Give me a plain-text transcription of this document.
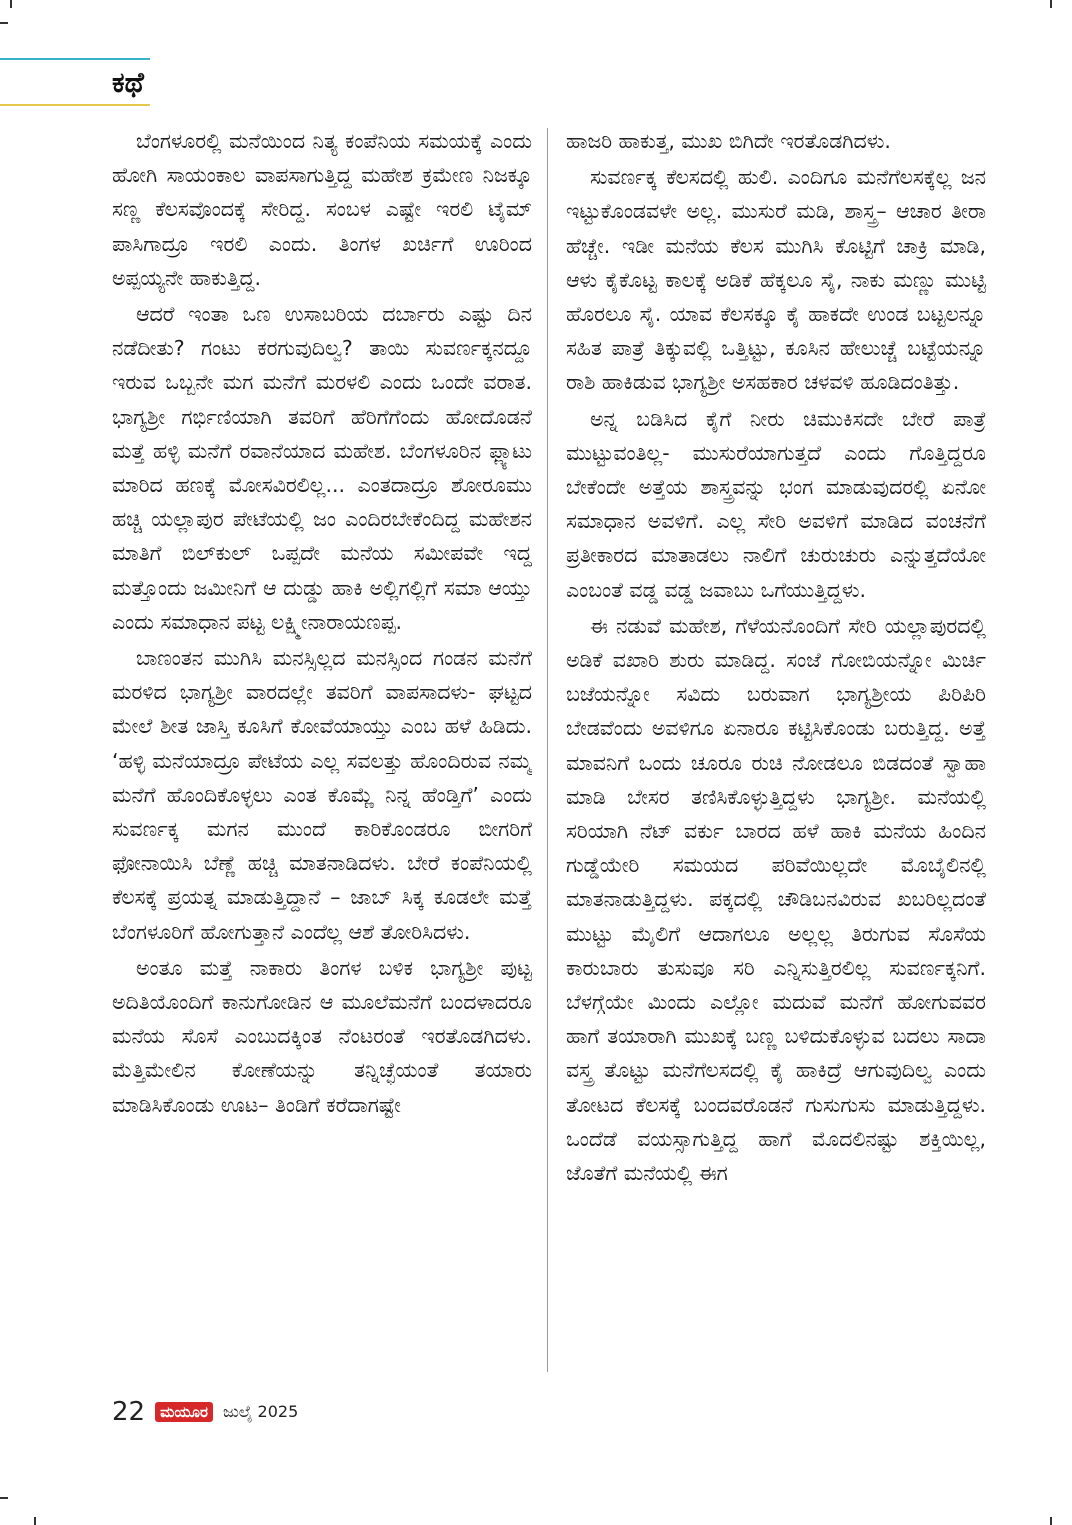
ಕಥೆ

ಬೆಂಗಳೂರಲ್ಲಿ ಮನೆಯಿಂದ ನಿತ್ಯ ಕಂಪೆನಿಯ ಸಮಯಕ್ಕೆ ಎಂದು ಹೋಗಿ ಸಾಯಂಕಾಲ ವಾಪಸಾಗುತ್ತಿದ್ದ ಮಹೇಶ ಕ್ರಮೇಣ ನಿಜಕ್ಕೂ ಸಣ್ಣ ಕೆಲಸವೊಂದಕ್ಕೆ ಸೇರಿದ್ದ. ಸಂಬಳ ಎಷ್ಟೇ ಇರಲಿ ಟೈಮ್ ಪಾಸಿಗಾದ್ರೂ ಇರಲಿ ಎಂದು. ತಿಂಗಳ ಖರ್ಚಿಗೆ ಊರಿಂದ ಅಪ್ಪಯ್ಯನೇ ಹಾಕುತ್ತಿದ್ದ.

ಆದರೆ ಇಂತಾ ಒಣ ಉಸಾಬರಿಯ ದರ್ಬಾರು ಎಷ್ಟು ದಿನ ನಡೆದೀತು? ಗಂಟು ಕರಗುವುದಿಲ್ವ? ತಾಯಿ ಸುವರ್ಣಕ್ಕನದ್ದೂ ಇರುವ ಒಬ್ಬನೇ ಮಗ ಮನೆಗೆ ಮರಳಲಿ ಎಂದು ಒಂದೇ ವರಾತ. ಭಾಗ್ಯಶ್ರೀ ಗರ್ಭಿಣಿಯಾಗಿ ತವರಿಗೆ ಹೆರಿಗೆಗೆಂದು ಹೋದೊಡನೆ ಮತ್ತೆ ಹಳ್ಳಿ ಮನೆಗೆ ರವಾನೆಯಾದ ಮಹೇಶ. ಬೆಂಗಳೂರಿನ ಫ್ಲ್ಯಾಟು ಮಾರಿದ ಹಣಕ್ಕೆ ಮೋಸವಿರಲಿಲ್ಲ... ಎಂತದಾದ್ರೂ ಶೋರೂಮು ಹಚ್ಚಿ ಯಲ್ಲಾಪುರ ಪೇಟೆಯಲ್ಲಿ ಜಂ ಎಂದಿರಬೇಕೆಂದಿದ್ದ ಮಹೇಶನ ಮಾತಿಗೆ ಬಿಲ್‌ಕುಲ್ ಒಪ್ಪದೇ ಮನೆಯ ಸಮೀಪವೇ ಇದ್ದ ಮತ್ತೊಂದು ಜಮೀನಿಗೆ ಆ ದುಡ್ಡು ಹಾಕಿ ಅಲ್ಲಿಗಲ್ಲಿಗೆ ಸಮಾ ಆಯ್ತು ಎಂದು ಸಮಾಧಾನ ಪಟ್ಟ ಲಕ್ಷ್ಮೀನಾರಾಯಣಪ್ಪ.

ಬಾಣಂತನ ಮುಗಿಸಿ ಮನಸ್ಸಿಲ್ಲದ ಮನಸ್ಸಿಂದ ಗಂಡನ ಮನೆಗೆ ಮರಳಿದ ಭಾಗ್ಯಶ್ರೀ ವಾರದಲ್ಲೇ ತವರಿಗೆ ವಾಪಸಾದಳು- ಘಟ್ಟದ ಮೇಲೆ ಶೀತ ಜಾಸ್ತಿ ಕೂಸಿಗೆ ಕೋವೆಯಾಯ್ತು ಎಂಬ ಹಳೆ ಹಿಡಿದು. ‘ಹಳ್ಳಿ ಮನೆಯಾದ್ರೂ ಪೇಟೆಯ ಎಲ್ಲ ಸವಲತ್ತು ಹೊಂದಿರುವ ನಮ್ಮ ಮನೆಗೆ ಹೊಂದಿಕೊಳ್ಳಲು ಎಂತ ಕೊಮ್ಣೆ ನಿನ್ನ ಹೆಂಡ್ತಿಗೆ’ ಎಂದು ಸುವರ್ಣಕ್ಕ ಮಗನ ಮುಂದೆ ಕಾರಿಕೊಂಡರೂ ಬೀಗರಿಗೆ ಫೋನಾಯಿಸಿ ಬೆಣ್ಣೆ ಹಚ್ಚಿ ಮಾತನಾಡಿದಳು. ಬೇರೆ ಕಂಪೆನಿಯಲ್ಲಿ ಕೆಲಸಕ್ಕೆ ಪ್ರಯತ್ನ ಮಾಡುತ್ತಿದ್ದಾನೆ – ಜಾಬ್ ಸಿಕ್ಕ ಕೂಡಲೇ ಮತ್ತೆ ಬೆಂಗಳೂರಿಗೆ ಹೋಗುತ್ತಾನೆ ಎಂದೆಲ್ಲ ಆಶೆ ತೋರಿಸಿದಳು.

ಅಂತೂ ಮತ್ತೆ ನಾಕಾರು ತಿಂಗಳ ಬಳಿಕ ಭಾಗ್ಯಶ್ರೀ ಪುಟ್ಟ ಅದಿತಿಯೊಂದಿಗೆ ಕಾನುಗೋಡಿನ ಆ ಮೂಲೆಮನೆಗೆ ಬಂದಳಾದರೂ ಮನೆಯ ಸೊಸೆ ಎಂಬುದಕ್ಕಿಂತ ನೆಂಟರಂತೆ ಇರತೊಡಗಿದಳು. ಮೆತ್ತಿಮೇಲಿನ ಕೋಣೆಯನ್ನು ತನ್ನಿಚ್ಛೆಯಂತೆ ತಯಾರು ಮಾಡಿಸಿಕೊಂಡು ಊಟ– ತಿಂಡಿಗೆ ಕರೆದಾಗಷ್ಟೇ

ಹಾಜರಿ ಹಾಕುತ್ತ, ಮುಖ ಬಿಗಿದೇ ಇರತೊಡಗಿದಳು.

ಸುವರ್ಣಕ್ಕ ಕೆಲಸದಲ್ಲಿ ಹುಲಿ. ಎಂದಿಗೂ ಮನೆಗೆಲಸಕ್ಕೆಲ್ಲ ಜನ ಇಟ್ಟುಕೊಂಡವಳೇ ಅಲ್ಲ. ಮುಸುರೆ ಮಡಿ, ಶಾಸ್ತ್ರ– ಆಚಾರ ತೀರಾ ಹೆಚ್ಚೇ. ಇಡೀ ಮನೆಯ ಕೆಲಸ ಮುಗಿಸಿ ಕೊಟ್ಟಿಗೆ ಚಾಕ್ರಿ ಮಾಡಿ, ಆಳು ಕೈಕೊಟ್ಟ ಕಾಲಕ್ಕೆ ಅಡಿಕೆ ಹೆಕ್ಕಲೂ ಸೈ, ನಾಕು ಮಣ್ಣು ಮುಟ್ಟಿ ಹೊರಲೂ ಸೈ. ಯಾವ ಕೆಲಸಕ್ಕೂ ಕೈ ಹಾಕದೇ ಉಂಡ ಬಟ್ಟಲನ್ನೂ ಸಹಿತ ಪಾತ್ರೆ ತಿಕ್ಕುವಲ್ಲಿ ಒತ್ತಿಟ್ಟು, ಕೂಸಿನ ಹೇಲುಚ್ಚೆ ಬಟ್ಟೆಯನ್ನೂ ರಾಶಿ ಹಾಕಿಡುವ ಭಾಗ್ಯಶ್ರೀ ಅಸಹಕಾರ ಚಳವಳಿ ಹೂಡಿದಂತಿತ್ತು.

ಅನ್ನ ಬಡಿಸಿದ ಕೈಗೆ ನೀರು ಚಿಮುಕಿಸದೇ ಬೇರೆ ಪಾತ್ರೆ ಮುಟ್ಟುವಂತಿಲ್ಲ- ಮುಸುರೆಯಾಗುತ್ತದೆ ಎಂದು ಗೊತ್ತಿದ್ದರೂ ಬೇಕೆಂದೇ ಅತ್ತೆಯ ಶಾಸ್ತ್ರವನ್ನು ಭಂಗ ಮಾಡುವುದರಲ್ಲಿ ಏನೋ ಸಮಾಧಾನ ಅವಳಿಗೆ. ಎಲ್ಲ ಸೇರಿ ಅವಳಿಗೆ ಮಾಡಿದ ವಂಚನೆಗೆ ಪ್ರತೀಕಾರದ ಮಾತಾಡಲು ನಾಲಿಗೆ ಚುರುಚುರು ಎನ್ನುತ್ತದೆಯೋ ಎಂಬಂತೆ ವಡ್ಡ ವಡ್ಡ ಜವಾಬು ಒಗೆಯುತ್ತಿದ್ದಳು.

ಈ ನಡುವೆ ಮಹೇಶ, ಗೆಳೆಯನೊಂದಿಗೆ ಸೇರಿ ಯಲ್ಲಾಪುರದಲ್ಲಿ ಅಡಿಕೆ ವಖಾರಿ ಶುರು ಮಾಡಿದ್ದ. ಸಂಜೆ ಗೋಬಿಯನ್ನೋ ಮಿರ್ಚಿ ಬಜೆಯನ್ನೋ ಸವಿದು ಬರುವಾಗ ಭಾಗ್ಯಶ್ರೀಯ ಪಿರಿಪಿರಿ ಬೇಡವೆಂದು ಅವಳಿಗೂ ಏನಾರೂ ಕಟ್ಟಿಸಿಕೊಂಡು ಬರುತ್ತಿದ್ದ. ಅತ್ತೆ ಮಾವನಿಗೆ ಒಂದು ಚೂರೂ ರುಚಿ ನೋಡಲೂ ಬಿಡದಂತೆ ಸ್ವಾಹಾ ಮಾಡಿ ಬೇಸರ ತಣಿಸಿಕೊಳ್ಳುತ್ತಿದ್ದಳು ಭಾಗ್ಯಶ್ರೀ. ಮನೆಯಲ್ಲಿ ಸರಿಯಾಗಿ ನೆಟ್ ವರ್ಕು ಬಾರದ ಹಳೆ ಹಾಕಿ ಮನೆಯ ಹಿಂದಿನ ಗುಡ್ಡೆಯೇರಿ ಸಮಯದ ಪರಿವೆಯಿಲ್ಲದೇ ಮೊಬೈಲಿನಲ್ಲಿ ಮಾತನಾಡುತ್ತಿದ್ದಳು. ಪಕ್ಕದಲ್ಲಿ ಚೌಡಿಬನವಿರುವ ಖಬರಿಲ್ಲದಂತೆ ಮುಟ್ಟು ಮೈಲಿಗೆ ಆದಾಗಲೂ ಅಲ್ಲಲ್ಲ ತಿರುಗುವ ಸೊಸೆಯ ಕಾರುಬಾರು ತುಸುವೂ ಸರಿ ಎನ್ನಿಸುತ್ತಿರಲಿಲ್ಲ ಸುವರ್ಣಕ್ಕನಿಗೆ. ಬೆಳಗ್ಗೆಯೇ ಮಿಂದು ಎಲ್ಲೋ ಮದುವೆ ಮನೆಗೆ ಹೋಗುವವರ ಹಾಗೆ ತಯಾರಾಗಿ ಮುಖಕ್ಕೆ ಬಣ್ಣ ಬಳಿದುಕೊಳ್ಳುವ ಬದಲು ಸಾದಾ ವಸ್ತ್ರ ತೊಟ್ಟು ಮನೆಗೆಲಸದಲ್ಲಿ ಕೈ ಹಾಕಿದ್ರೆ ಆಗುವುದಿಲ್ವ ಎಂದು ತೋಟದ ಕೆಲಸಕ್ಕೆ ಬಂದವರೊಡನೆ ಗುಸುಗುಸು ಮಾಡುತ್ತಿದ್ದಳು. ಒಂದೆಡೆ ವಯಸ್ಸಾಗುತ್ತಿದ್ದ ಹಾಗೆ ಮೊದಲಿನಷ್ಟು ಶಕ್ತಿಯಿಲ್ಲ, ಜೊತೆಗೆ ಮನೆಯಲ್ಲಿ ಈಗ

22	ಮಯೂರ ಜುಲೈ 2025
